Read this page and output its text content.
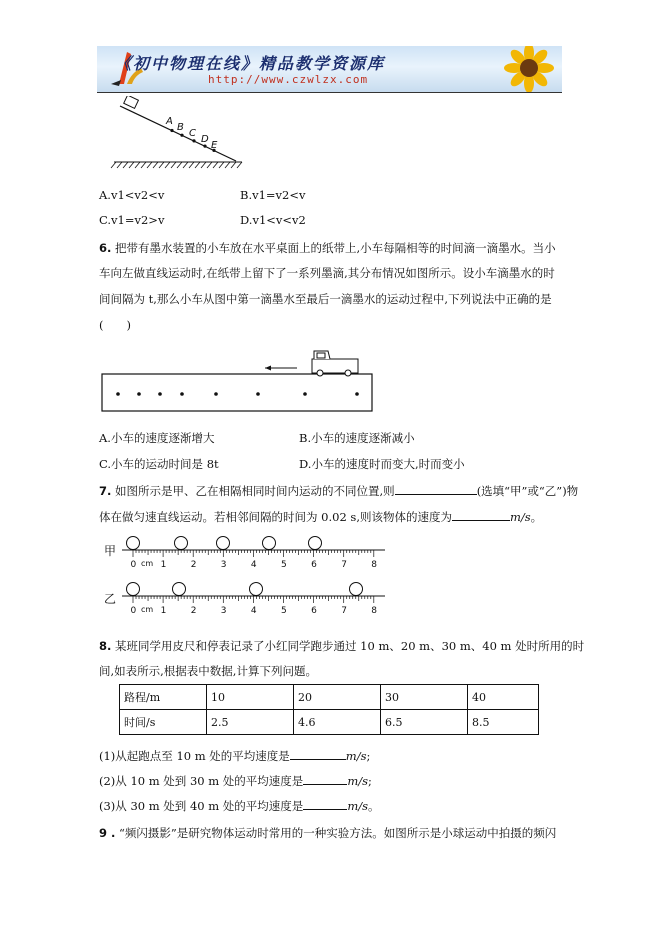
《初中物理在线》精品教学资源库
http://www.czwlzx.com
A
B
C
D
E
A.v1<v2<v	B.v1=v2<v
C.v1=v2>v	D.v1<v<v2
6. 把带有墨水装置的小车放在水平桌面上的纸带上,小车每隔相等的时间滴一滴墨水。当小
车向左做直线运动时,在纸带上留下了一系列墨滴,其分布情况如图所示。设小车滴墨水的时
间间隔为 t,那么小车从图中第一滴墨水至最后一滴墨水的运动过程中,下列说法中正确的是
(　　)
A.小车的速度逐渐增大	B.小车的速度逐渐减小
C.小车的运动时间是 8t	D.小车的速度时而变大,时而变小
7. 如图所示是甲、乙在相隔相同时间内运动的不同位置,则	(选填“甲”或“乙”)物
体在做匀速直线运动。若相邻间隔的时间为 0.02 s,则该物体的速度为	m/s。
甲
乙
cm
cm
0	1	2	3	4	5	6	7	8
0	1	2	3	4	5	6	7	8
8. 某班同学用皮尺和停表记录了小红同学跑步通过 10 m、20 m、30 m、40 m 处时所用的时
间,如表所示,根据表中数据,计算下列问题。
路程/m	10	20	30	40
时间/s	2.5	4.6	6.5	8.5
(1)从起跑点至 10 m 处的平均速度是	m/s;
(2)从 10 m 处到 30 m 处的平均速度是	m/s;
(3)从 30 m 处到 40 m 处的平均速度是	m/s。
9 . “频闪摄影”是研究物体运动时常用的一种实验方法。如图所示是小球运动中拍摄的频闪
